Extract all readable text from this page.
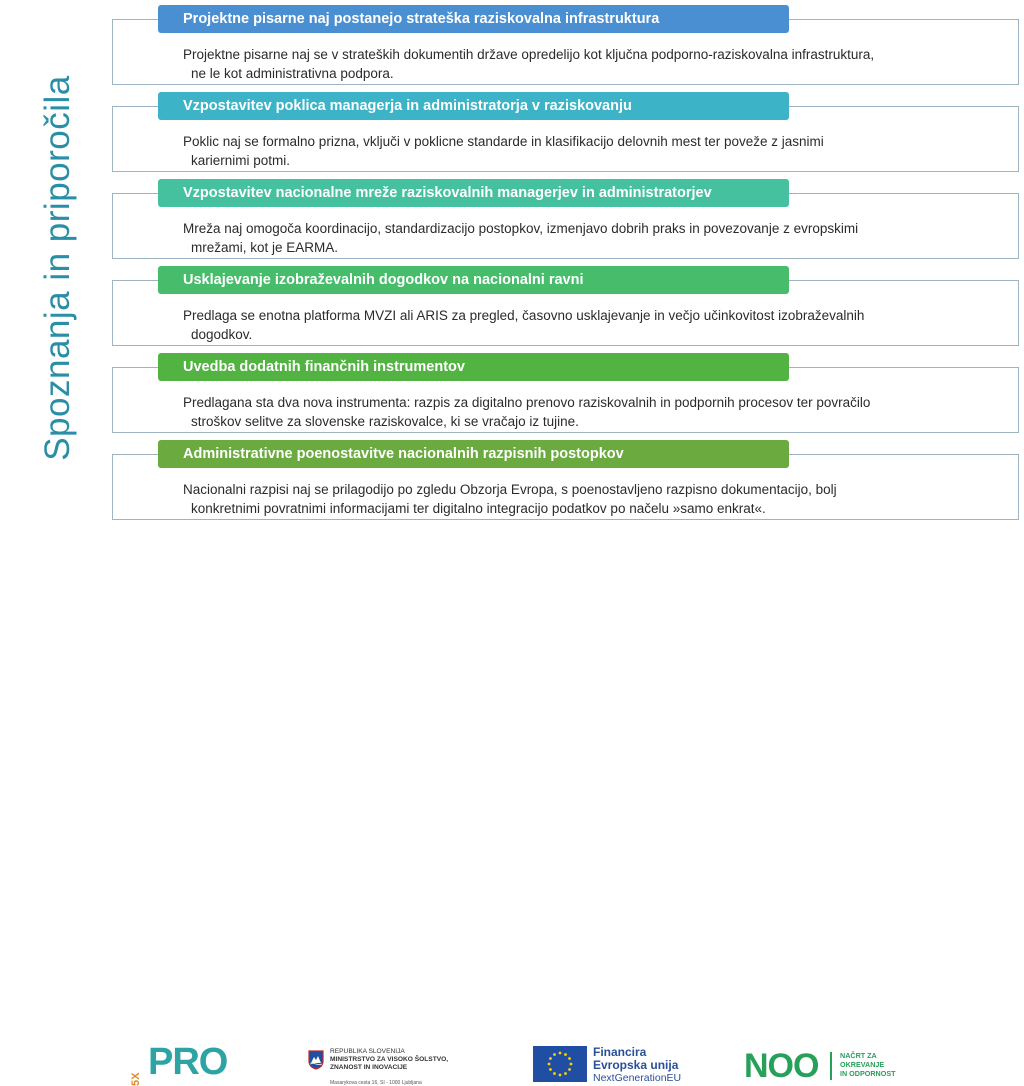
Spoznanja in priporočila

Projektne pisarne naj se v strateških dokumentih države opredelijo kot ključna podporno-raziskovalna infrastruktura,
ne le kot administrativna podpora.

Projektne pisarne naj postanejo strateška raziskovalna infrastruktura

Poklic naj se formalno prizna, vključi v poklicne standarde in klasifikacijo delovnih mest ter poveže z jasnimi
kariernimi potmi.

Vzpostavitev poklica managerja in administratorja v raziskovanju

Mreža naj omogoča koordinacijo, standardizacijo postopkov, izmenjavo dobrih praks in povezovanje z evropskimi
mrežami, kot je EARMA.

Vzpostavitev nacionalne mreže raziskovalnih managerjev in administratorjev

Predlaga se enotna platforma MVZI ali ARIS za pregled, časovno usklajevanje in večjo učinkovitost izobraževalnih
dogodkov.

Usklajevanje izobraževalnih dogodkov na nacionalni ravni

Predlagana sta dva nova instrumenta: razpis za digitalno prenovo raziskovalnih in podpornih procesov ter povračilo
stroškov selitve za slovenske raziskovalce, ki se vračajo iz tujine.

Uvedba dodatnih finančnih instrumentov

Nacionalni razpisi naj se prilagodijo po zgledu Obzorja Evropa, s poenostavljeno razpisno dokumentacijo, bolj
konkretnimi povratnimi informacijami ter digitalno integracijo podatkov po načelu »samo enkrat«.

Administrativne poenostavitve nacionalnih razpisnih postopkov
5X PRO	REPUBLIKA SLOVENIJA
MINISTRSTVO ZA VISOKO ŠOLSTVO,
ZNANOST IN INOVACIJE
Masarykova cesta 16, SI - 1000 Ljubljana
Financira
Evropska unija
NextGenerationEU NOO	NAČRT ZA
OKREVANJE
IN ODPORNOST
